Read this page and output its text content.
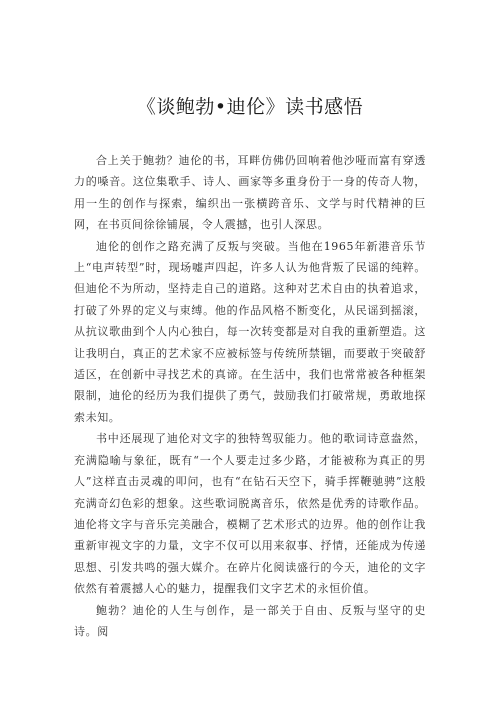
《谈鲍勃•迪伦》读书感悟

合上关于鲍勃？迪伦的书，耳畔仿佛仍回响着他沙哑而富有穿透力的嗓音。这位集歌手、诗人、画家等多重身份于一身的传奇人物，用一生的创作与探索，编织出一张横跨音乐、文学与时代精神的巨网，在书页间徐徐铺展，令人震撼，也引人深思。

迪伦的创作之路充满了反叛与突破。当他在1965年新港音乐节上“电声转型”时，现场嘘声四起，许多人认为他背叛了民谣的纯粹。但迪伦不为所动，坚持走自己的道路。这种对艺术自由的执着追求，打破了外界的定义与束缚。他的作品风格不断变化，从民谣到摇滚，从抗议歌曲到个人内心独白，每一次转变都是对自我的重新塑造。这让我明白，真正的艺术家不应被标签与传统所禁锢，而要敢于突破舒适区，在创新中寻找艺术的真谛。在生活中，我们也常常被各种框架限制，迪伦的经历为我们提供了勇气，鼓励我们打破常规，勇敢地探索未知。

书中还展现了迪伦对文字的独特驾驭能力。他的歌词诗意盎然，充满隐喻与象征，既有“一个人要走过多少路，才能被称为真正的男人”这样直击灵魂的叩问，也有“在钻石天空下，骑手挥鞭驰骋”这般充满奇幻色彩的想象。这些歌词脱离音乐，依然是优秀的诗歌作品。迪伦将文字与音乐完美融合，模糊了艺术形式的边界。他的创作让我重新审视文字的力量，文字不仅可以用来叙事、抒情，还能成为传递思想、引发共鸣的强大媒介。在碎片化阅读盛行的今天，迪伦的文字依然有着震撼人心的魅力，提醒我们文字艺术的永恒价值。

鲍勃？迪伦的人生与创作，是一部关于自由、反叛与坚守的史诗。阅
